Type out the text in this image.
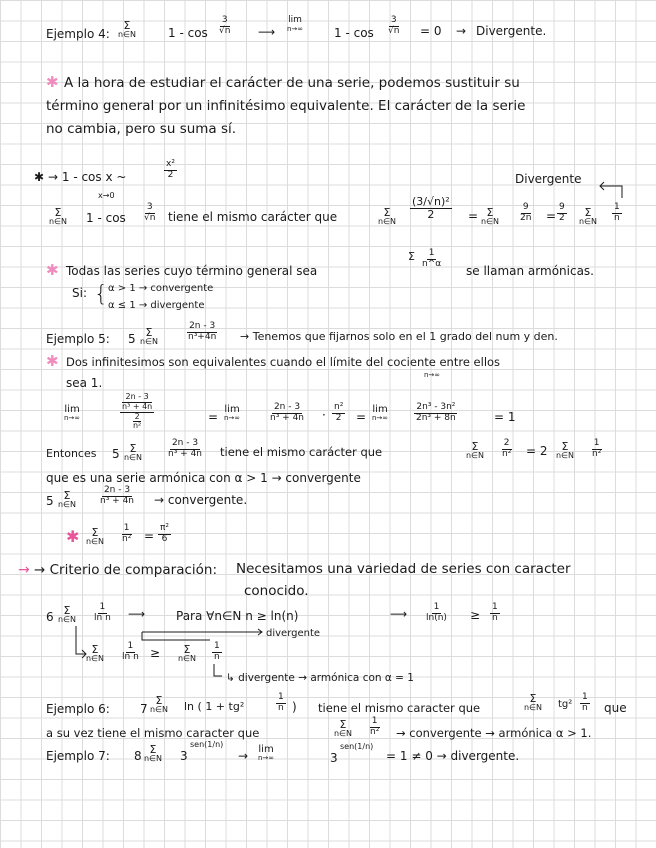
Ejemplo 4:
Σ
n∈N	$1 - \cos \frac{3}{√n}$ ⟶
lim
n→∞	$1 - \cos \frac{3}{√n} = 0$ → Divergente.
✱ A la hora de estudiar el carácter de una serie, podemos sustituir su
término general por un infinitésimo equivalente. El carácter de la serie
no cambia, pero su suma sí.
✱ → 1 - cos x ~	$\frac{\text{x²}}{2}$
x→0
Divergente
Σ
n∈N $1 - \cos \frac{3}{√n}$ tiene el mismo carácter que	Σ
n∈N
$\frac{\text{(3/√n)²}}{2} = \Sigma$
n∈N $\frac{9}{2n} = \frac{9}{2}$ Σ
n∈N $\frac{1}{n}$
✱ Todas las series cuyo término general sea
Σ $\frac{1}{n\^{}\alpha}$
se llaman armónicas.
Si: { α > 1 → convergente
α ≤ 1 → divergente
Ejemplo 5: 5 Σ
n∈N	$\frac{2n - 3}{\text{n³+4n}}$ → Tenemos que fijarnos solo en el 1 grado del num y den.
✱ Dos infinitesimos son equivalentes cuando el límite del cociente entre ellos
n→∞
sea 1.
lim
n→∞	2n - 3
n³ + 4n
2
n²	=
lim
n→∞	$\frac{2n - 3}{\text{n³ + 4n}} \cdot \frac{\text{n²}}{2}$ =
lim
n→∞	$\frac{\text{2n³ - 3n²}}{\text{2n³ + 8n}}$	= 1
Entonces 5 Σ
n∈N	$\frac{2n - 3}{\text{n³ + 4n}}$ tiene el mismo carácter que	Σ
n∈N $\frac{2}{\text{n²}} = 2$ Σ
n∈N $\frac{1}{\text{n²}}$
que es una serie armónica con α > 1 → convergente
5 Σ
n∈N $\frac{2n - 3}{\text{n³ + 4n}}$ → convergente.
✱ Σ
n∈N $\frac{1}{\text{n²}} = \frac{\text{π²}}{6}$
→ → Criterio de comparación: Necesitamos una variedad de series con caracter
conocido.
6 Σ
n∈N $\frac{1}{\text{ln n}}$ ⟶	Para ∀n∈N n ≥ ln(n)	⟶ $\frac{1}{\ln(n)} \ge \frac{1}{n}$
divergente
Σ
n∈N $\frac{1}{\text{ln n}} \ge \Sigma$
n∈N $\frac{1}{n}$
↳ divergente → armónica con α = 1
Ejemplo 6:	7
Σ
n∈N ln ( 1 + tg²	$\frac{1}{n}$ ) tiene el mismo caracter que
Σ
n∈N $tg^2 \frac{1}{n}$ que
a su vez tiene el mismo caracter que
Σ
n∈N $\frac{1}{\text{n²}}$ → convergente → armónica α > 1.
Ejemplo 7: 8 Σ
n∈N 3
sen(1/n)
→ lim
n→∞	3
sen(1/n)
= 1 ≠ 0 → divergente.
